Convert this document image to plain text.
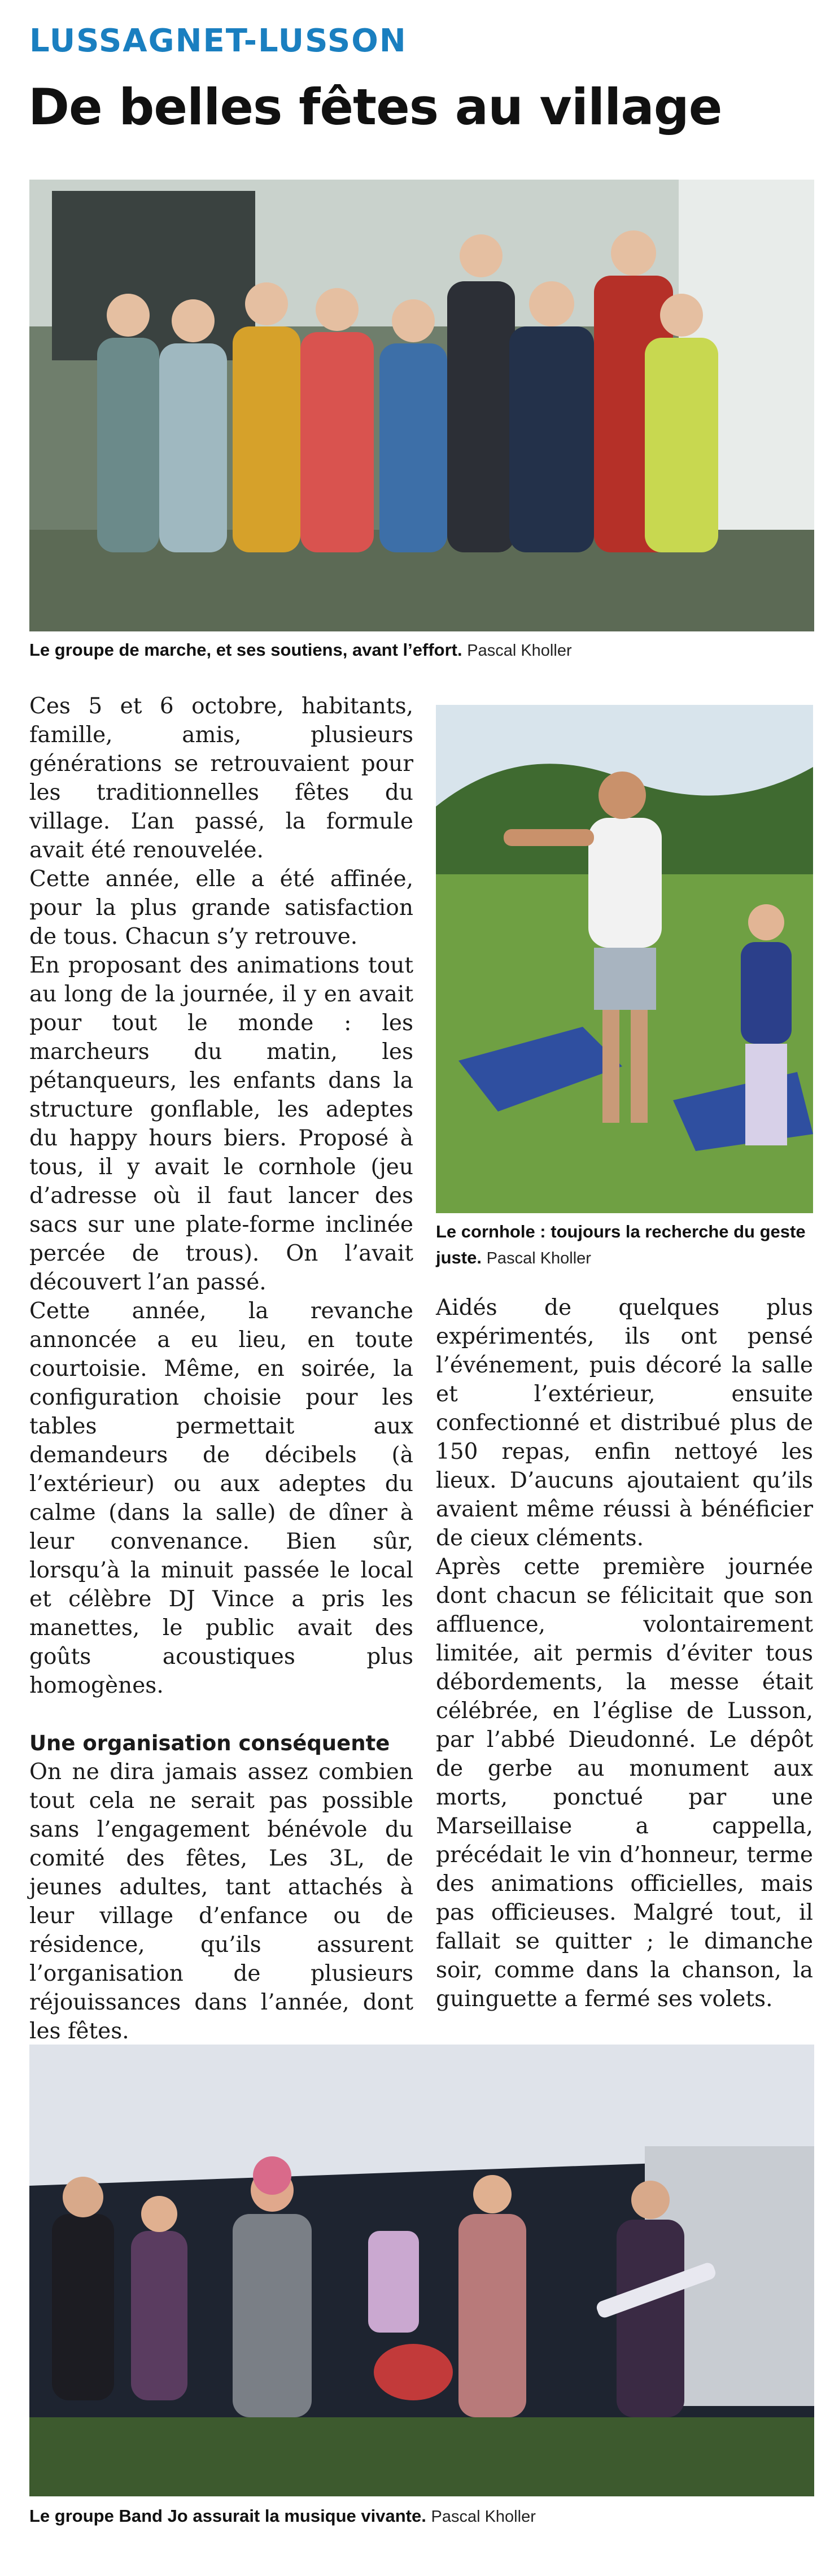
LUSSAGNET-LUSSON
De belles fêtes au village
Le groupe de marche, et ses soutiens, avant l’effort. Pascal Kholler

Ces 5 et 6 octobre, habitants, famille, amis, plusieurs générations se retrouvaient pour les traditionnelles fêtes du village. L’an passé, la formule avait été renouvelée.

Cette année, elle a été affinée, pour la plus grande satisfaction de tous. Chacun s’y retrouve.

En proposant des animations tout au long de la journée, il y en avait pour tout le monde : les marcheurs du matin, les pétanqueurs, les enfants dans la structure gonflable, les adeptes du happy hours biers. Proposé à tous, il y avait le cornhole (jeu d’adresse où il faut lancer des sacs sur une plate-forme inclinée percée de trous). On l’avait découvert l’an passé.

Cette année, la revanche annoncée a eu lieu, en toute courtoisie. Même, en soirée, la configuration choisie pour les tables permettait aux demandeurs de décibels (à l’extérieur) ou aux adeptes du calme (dans la salle) de dîner à leur convenance. Bien sûr, lorsqu’à la minuit passée le local et célèbre DJ Vince a pris les manettes, le public avait des goûts acoustiques plus homogènes.

Une organisation conséquente

On ne dira jamais assez combien tout cela ne serait pas possible sans l’engagement bénévole du comité des fêtes, Les 3L, de jeunes adultes, tant attachés à leur village d’enfance ou de résidence, qu’ils assurent l’organisation de plusieurs réjouissances dans l’année, dont les fêtes.

Le cornhole : toujours la recherche du geste juste. Pascal Kholler

Aidés de quelques plus expérimentés, ils ont pensé l’événement, puis décoré la salle et l’extérieur, ensuite confectionné et distribué plus de 150 repas, enfin nettoyé les lieux. D’aucuns ajoutaient qu’ils avaient même réussi à bénéficier de cieux cléments.

Après cette première journée dont chacun se félicitait que son affluence, volontairement limitée, ait permis d’éviter tous débordements, la messe était célébrée, en l’église de Lusson, par l’abbé Dieudonné. Le dépôt de gerbe au monument aux morts, ponctué par une Marseillaise a cappella, précédait le vin d’honneur, terme des animations officielles, mais pas officieuses. Malgré tout, il fallait se quitter ; le dimanche soir, comme dans la chanson, la guinguette a fermé ses volets.

Le groupe Band Jo assurait la musique vivante. Pascal Kholler
